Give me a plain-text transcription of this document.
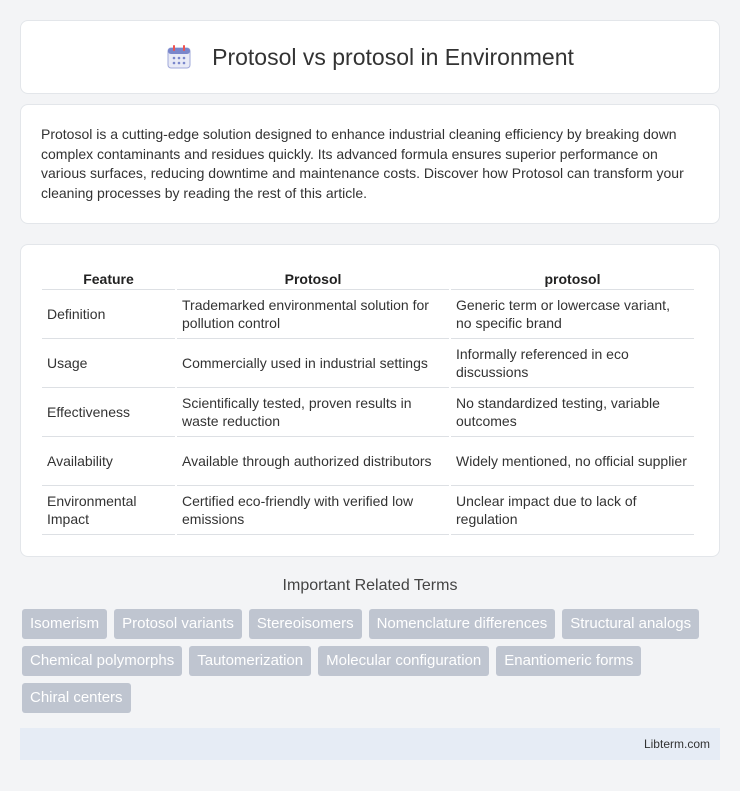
Protosol vs protosol in Environment

Protosol is a cutting-edge solution designed to enhance industrial cleaning efficiency by breaking down complex contaminants and residues quickly. Its advanced formula ensures superior performance on various surfaces, reducing downtime and maintenance costs. Discover how Protosol can transform your cleaning processes by reading the rest of this article.

Feature	Protosol	protosol
Definition	Trademarked environmental solution for pollution control	Generic term or lowercase variant, no specific brand
Usage	Commercially used in industrial settings	Informally referenced in eco discussions
Effectiveness	Scientifically tested, proven results in waste reduction	No standardized testing, variable outcomes
Availability	Available through authorized distributors	Widely mentioned, no official supplier
Environmental Impact	Certified eco-friendly with verified low emissions	Unclear impact due to lack of regulation
Important Related Terms
Isomerism	Protosol variants	Stereoisomers	Nomenclature differences	Structural analogs
Chemical polymorphs	Tautomerization	Molecular configuration	Enantiomeric forms
Chiral centers
Libterm.com
